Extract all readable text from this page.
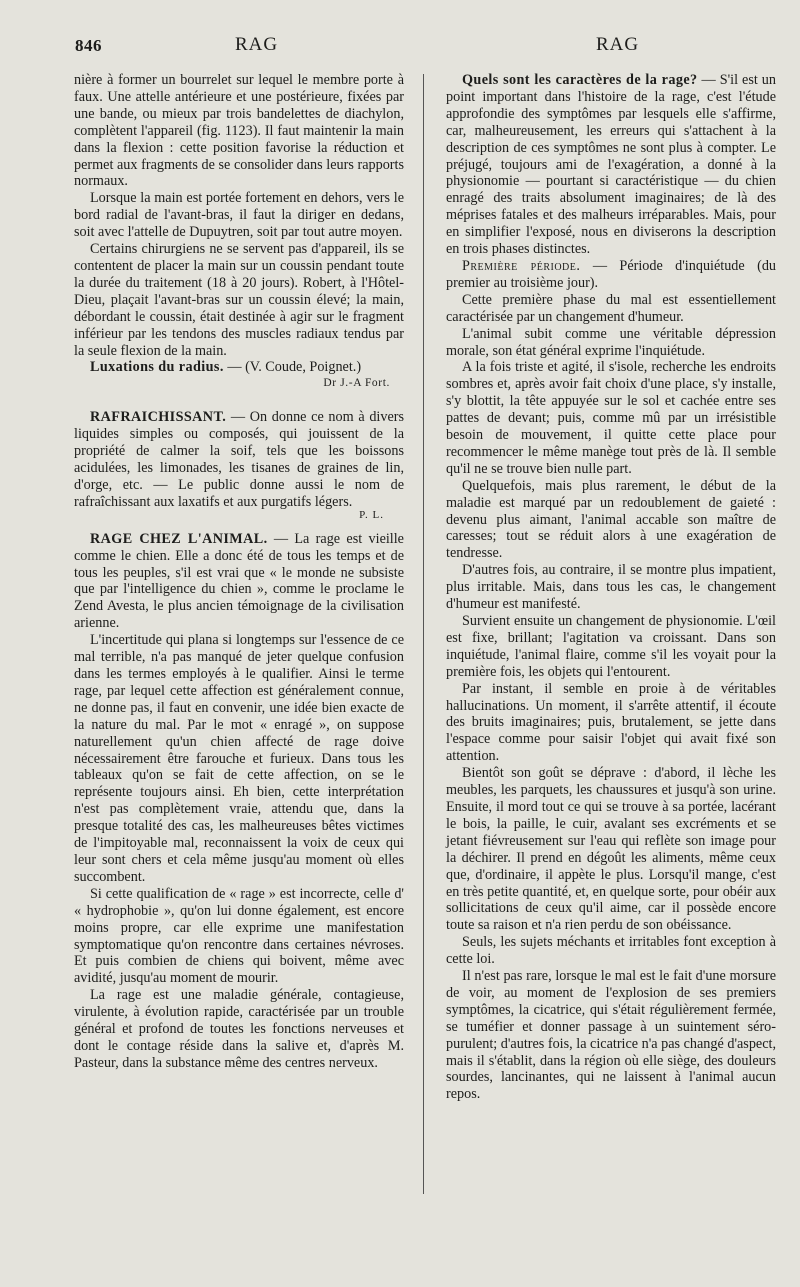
846	RAG	RAG

nière à former un bourrelet sur lequel le membre porte à faux. Une attelle antérieure et une postérieure, fixées par une bande, ou mieux par trois bandelettes de diachylon, complètent l'appareil (fig. 1123). Il faut maintenir la main dans la flexion : cette position favorise la réduction et permet aux fragments de se consolider dans leurs rapports normaux.

Lorsque la main est portée fortement en dehors, vers le bord radial de l'avant-bras, il faut la diriger en dedans, soit avec l'attelle de Dupuytren, soit par tout autre moyen.

Certains chirurgiens ne se servent pas d'appareil, ils se contentent de placer la main sur un coussin pendant toute la durée du traitement (18 à 20 jours). Robert, à l'Hôtel-Dieu, plaçait l'avant-bras sur un coussin élevé; la main, débordant le coussin, était destinée à agir sur le fragment inférieur par les tendons des muscles radiaux tendus par la seule flexion de la main.

Luxations du radius. — (V. Coude, Poignet.)

Dr J.-A Fort.

RAFRAICHISSANT. — On donne ce nom à divers liquides simples ou composés, qui jouissent de la propriété de calmer la soif, tels que les boissons acidulées, les limonades, les tisanes de graines de lin, d'orge, etc. — Le public donne aussi le nom de rafraîchissant aux laxatifs et aux purgatifs légers.

P. L.

RAGE CHEZ L'ANIMAL. — La rage est vieille comme le chien. Elle a donc été de tous les temps et de tous les peuples, s'il est vrai que « le monde ne subsiste que par l'intelligence du chien », comme le proclame le Zend Avesta, le plus ancien témoignage de la civilisation arienne.

L'incertitude qui plana si longtemps sur l'essence de ce mal terrible, n'a pas manqué de jeter quelque confusion dans les termes employés à le qualifier. Ainsi le terme rage, par lequel cette affection est généralement connue, ne donne pas, il faut en convenir, une idée bien exacte de la nature du mal. Par le mot « enragé », on suppose naturellement qu'un chien affecté de rage doive nécessairement être farouche et furieux. Dans tous les tableaux qu'on se fait de cette affection, on se le représente toujours ainsi. Eh bien, cette interprétation n'est pas complètement vraie, attendu que, dans la presque totalité des cas, les malheureuses bêtes victimes de l'impitoyable mal, reconnaissent la voix de ceux qui leur sont chers et cela même jusqu'au moment où elles succombent.

Si cette qualification de « rage » est incorrecte, celle d' « hydrophobie », qu'on lui donne également, est encore moins propre, car elle exprime une manifestation symptomatique qu'on rencontre dans certaines névroses. Et puis combien de chiens qui boivent, même avec avidité, jusqu'au moment de mourir.

La rage est une maladie générale, contagieuse, virulente, à évolution rapide, caractérisée par un trouble général et profond de toutes les fonctions nerveuses et dont le contage réside dans la salive et, d'après M. Pasteur, dans la substance même des centres nerveux.

Quels sont les caractères de la rage? — S'il est un point important dans l'histoire de la rage, c'est l'étude approfondie des symptômes par lesquels elle s'affirme, car, malheureusement, les erreurs qui s'attachent à la description de ces symptômes ne sont plus à compter. Le préjugé, toujours ami de l'exagération, a donné à la physionomie — pourtant si caractéristique — du chien enragé des traits absolument imaginaires; de là des méprises fatales et des malheurs irréparables. Mais, pour en simplifier l'exposé, nous en diviserons la description en trois phases distinctes.

Première période. — Période d'inquiétude (du premier au troisième jour).

Cette première phase du mal est essentiellement caractérisée par un changement d'humeur.

L'animal subit comme une véritable dépression morale, son état général exprime l'inquiétude.

A la fois triste et agité, il s'isole, recherche les endroits sombres et, après avoir fait choix d'une place, s'y installe, s'y blottit, la tête appuyée sur le sol et cachée entre ses pattes de devant; puis, comme mû par un irrésistible besoin de mouvement, il quitte cette place pour recommencer le même manège tout près de là. Il semble qu'il ne se trouve bien nulle part.

Quelquefois, mais plus rarement, le début de la maladie est marqué par un redoublement de gaieté : devenu plus aimant, l'animal accable son maître de caresses; tout se réduit alors à une exagération de tendresse.

D'autres fois, au contraire, il se montre plus impatient, plus irritable. Mais, dans tous les cas, le changement d'humeur est manifesté.

Survient ensuite un changement de physionomie. L'œil est fixe, brillant; l'agitation va croissant. Dans son inquiétude, l'animal flaire, comme s'il les voyait pour la première fois, les objets qui l'entourent.

Par instant, il semble en proie à de véritables hallucinations. Un moment, il s'arrête attentif, il écoute des bruits imaginaires; puis, brutalement, se jette dans l'espace comme pour saisir l'objet qui avait fixé son attention.

Bientôt son goût se déprave : d'abord, il lèche les meubles, les parquets, les chaussures et jusqu'à son urine. Ensuite, il mord tout ce qui se trouve à sa portée, lacérant le bois, la paille, le cuir, avalant ses excréments et se jetant fiévreusement sur l'eau qui reflète son image pour la déchirer. Il prend en dégoût les aliments, même ceux que, d'ordinaire, il appète le plus. Lorsqu'il mange, c'est en très petite quantité, et, en quelque sorte, pour obéir aux sollicitations de ceux qu'il aime, car il possède encore toute sa raison et n'a rien perdu de son obéissance.

Seuls, les sujets méchants et irritables font exception à cette loi.

Il n'est pas rare, lorsque le mal est le fait d'une morsure de voir, au moment de l'explosion de ses premiers symptômes, la cicatrice, qui s'était régulièrement fermée, se tuméfier et donner passage à un suintement séro-purulent; d'autres fois, la cicatrice n'a pas changé d'aspect, mais il s'établit, dans la région où elle siège, des douleurs sourdes, lancinantes, qui ne laissent à l'animal aucun repos.
